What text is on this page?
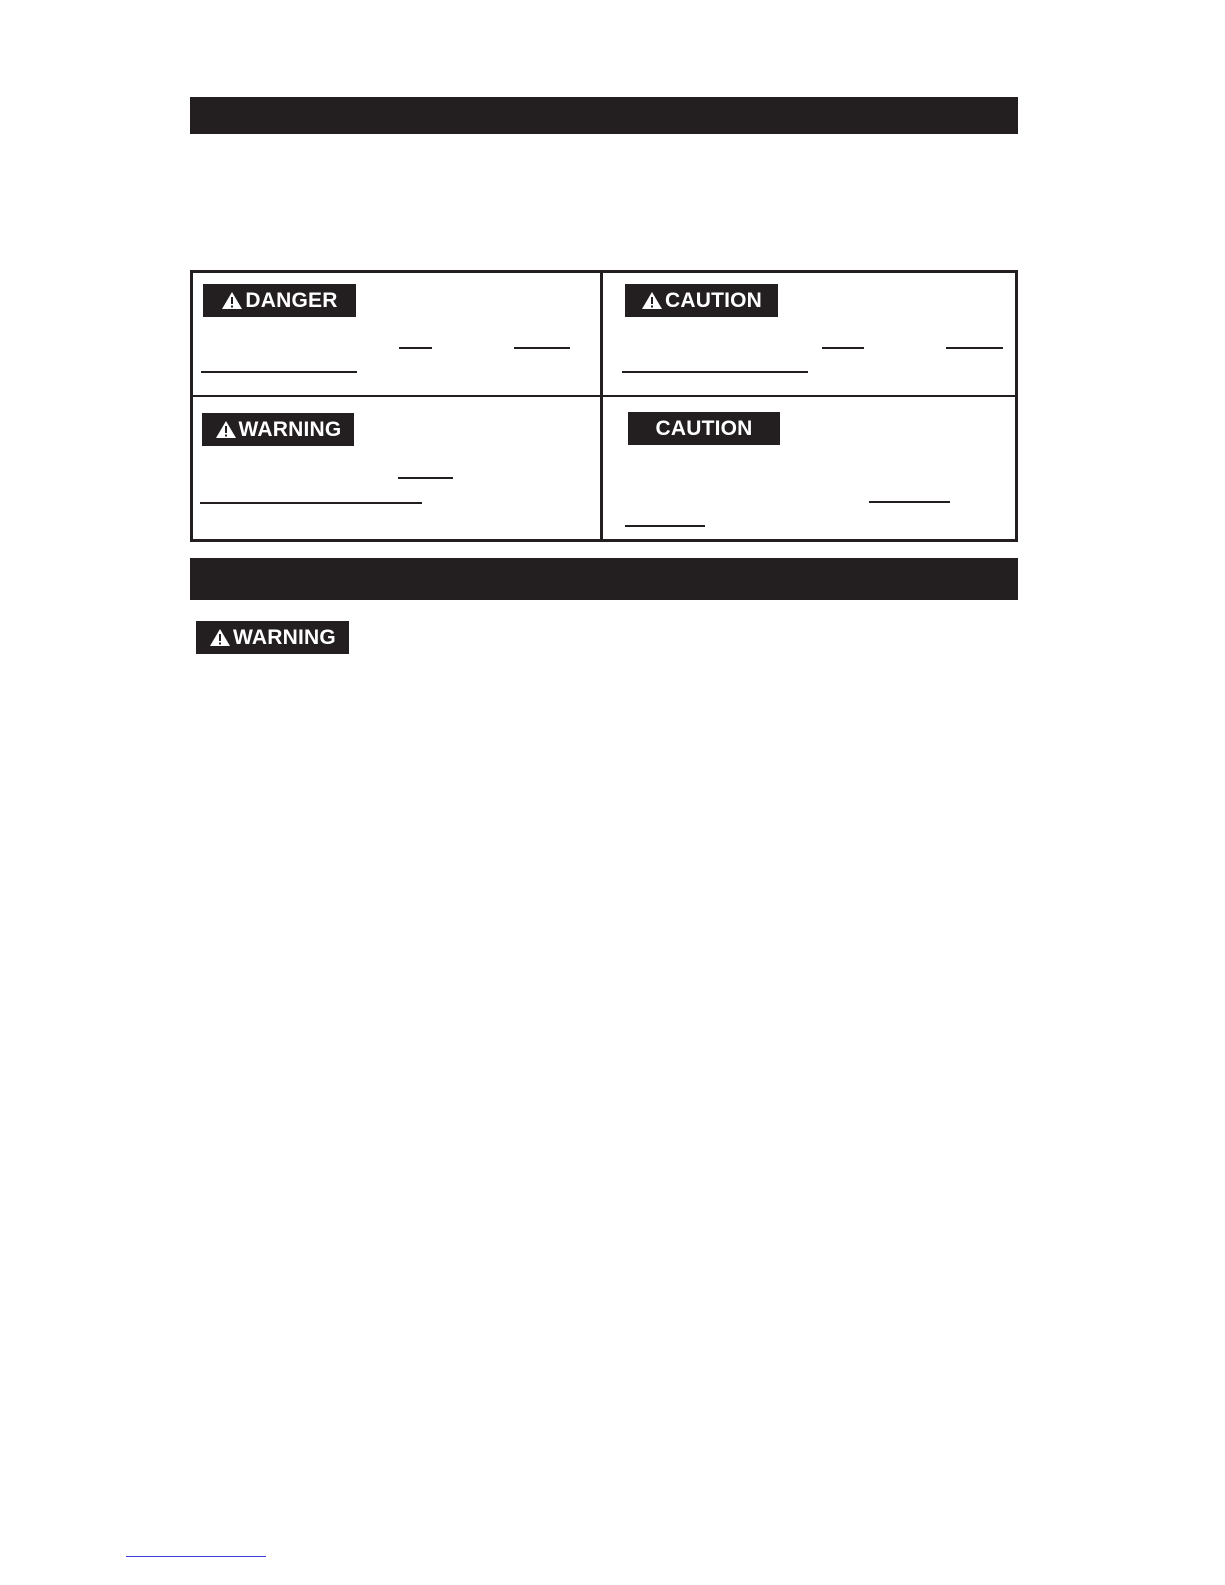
DANGER	CAUTION
WARNING	CAUTION
WARNING
